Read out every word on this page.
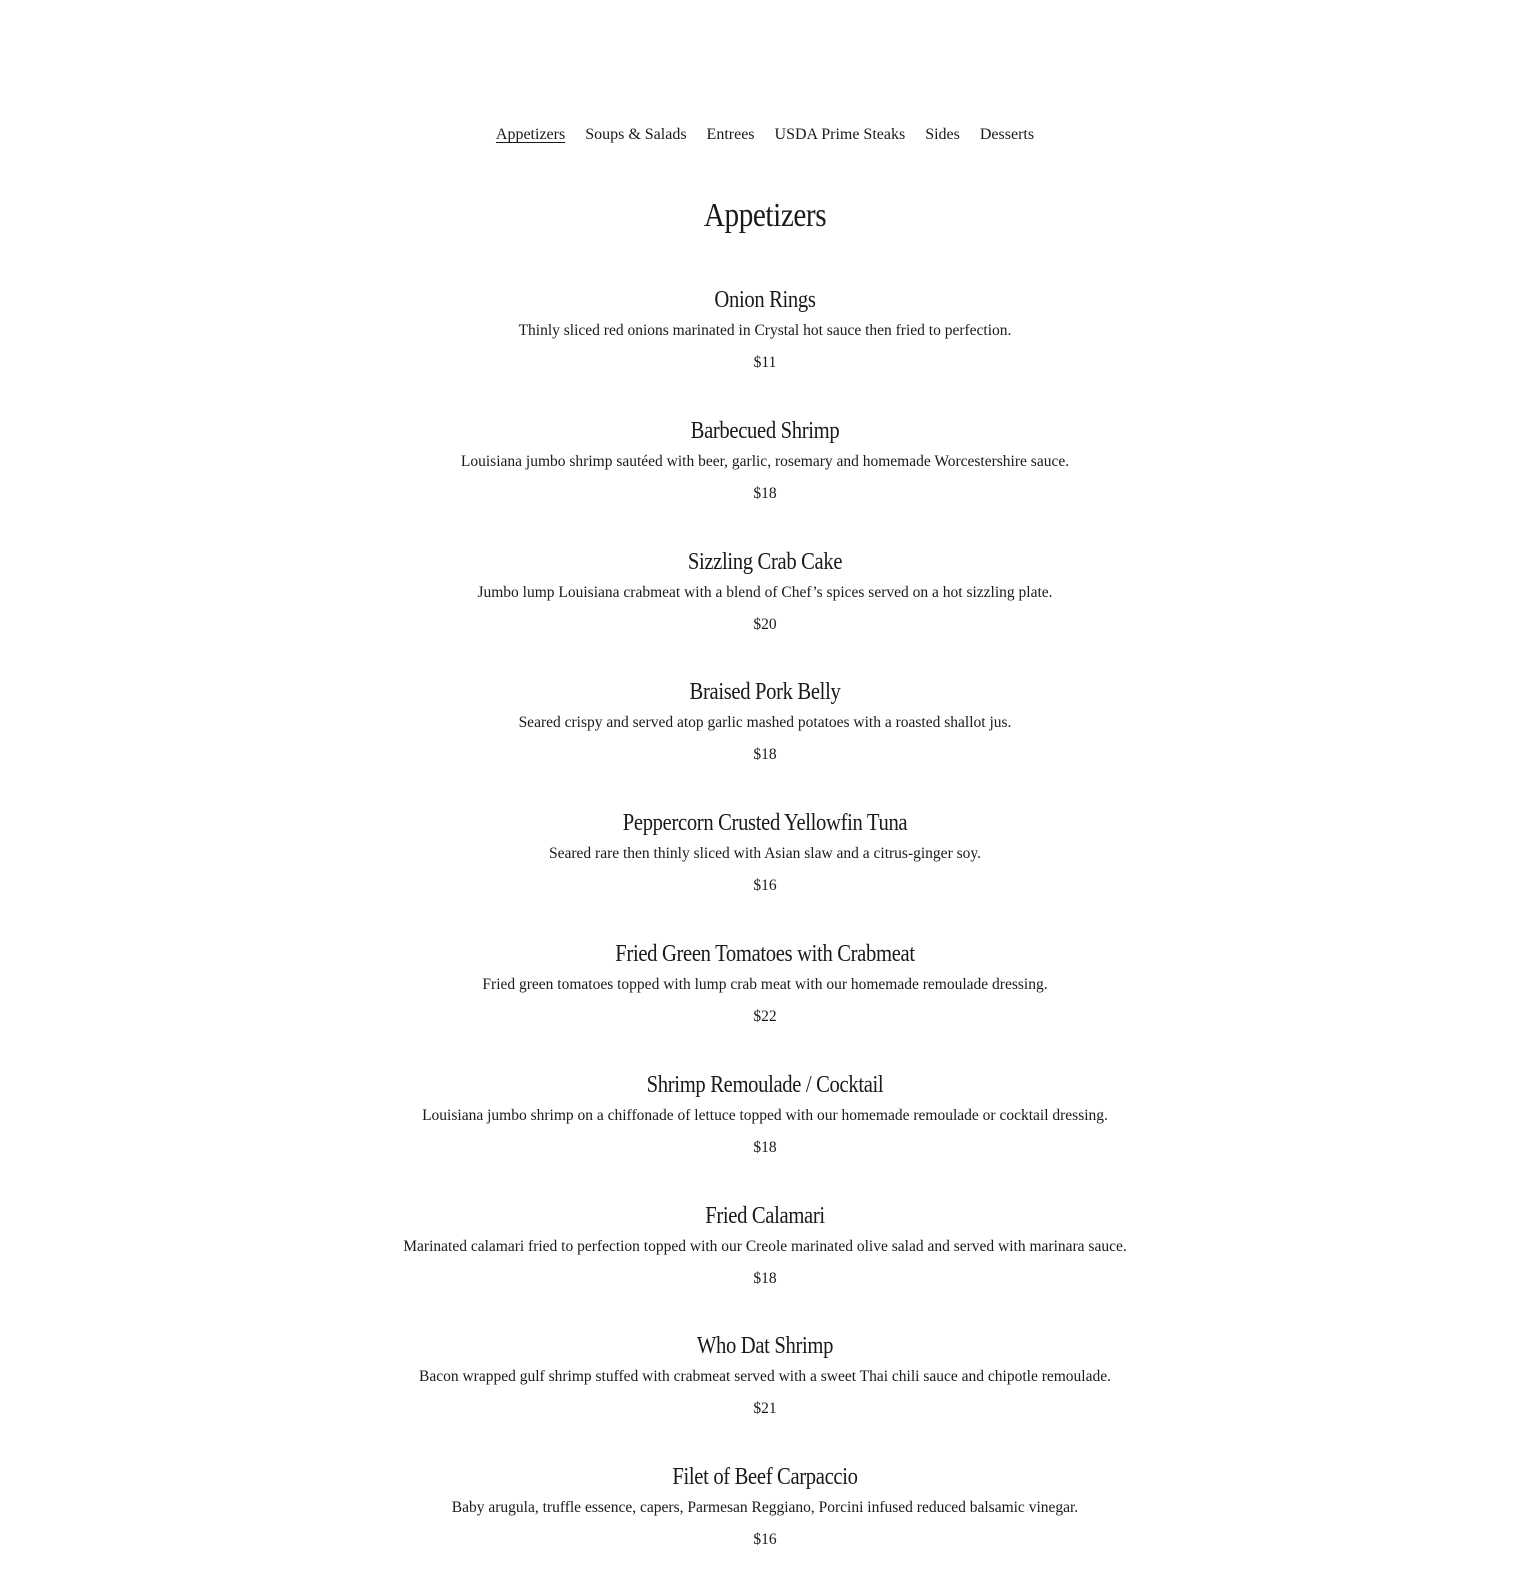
Appetizers Soups & Salads Entrees USDA Prime Steaks Sides Desserts
Appetizers
Onion Rings
Thinly sliced red onions marinated in Crystal hot sauce then fried to perfection.
$11
Barbecued Shrimp
Louisiana jumbo shrimp sautéed with beer, garlic, rosemary and homemade Worcestershire sauce.
$18
Sizzling Crab Cake
Jumbo lump Louisiana crabmeat with a blend of Chef’s spices served on a hot sizzling plate.
$20
Braised Pork Belly
Seared crispy and served atop garlic mashed potatoes with a roasted shallot jus.
$18
Peppercorn Crusted Yellowfin Tuna
Seared rare then thinly sliced with Asian slaw and a citrus-ginger soy.
$16
Fried Green Tomatoes with Crabmeat
Fried green tomatoes topped with lump crab meat with our homemade remoulade dressing.
$22
Shrimp Remoulade / Cocktail
Louisiana jumbo shrimp on a chiffonade of lettuce topped with our homemade remoulade or cocktail dressing.
$18
Fried Calamari
Marinated calamari fried to perfection topped with our Creole marinated olive salad and served with marinara sauce.
$18
Who Dat Shrimp
Bacon wrapped gulf shrimp stuffed with crabmeat served with a sweet Thai chili sauce and chipotle remoulade.
$21
Filet of Beef Carpaccio
Baby arugula, truffle essence, capers, Parmesan Reggiano, Porcini infused reduced balsamic vinegar.
$16
